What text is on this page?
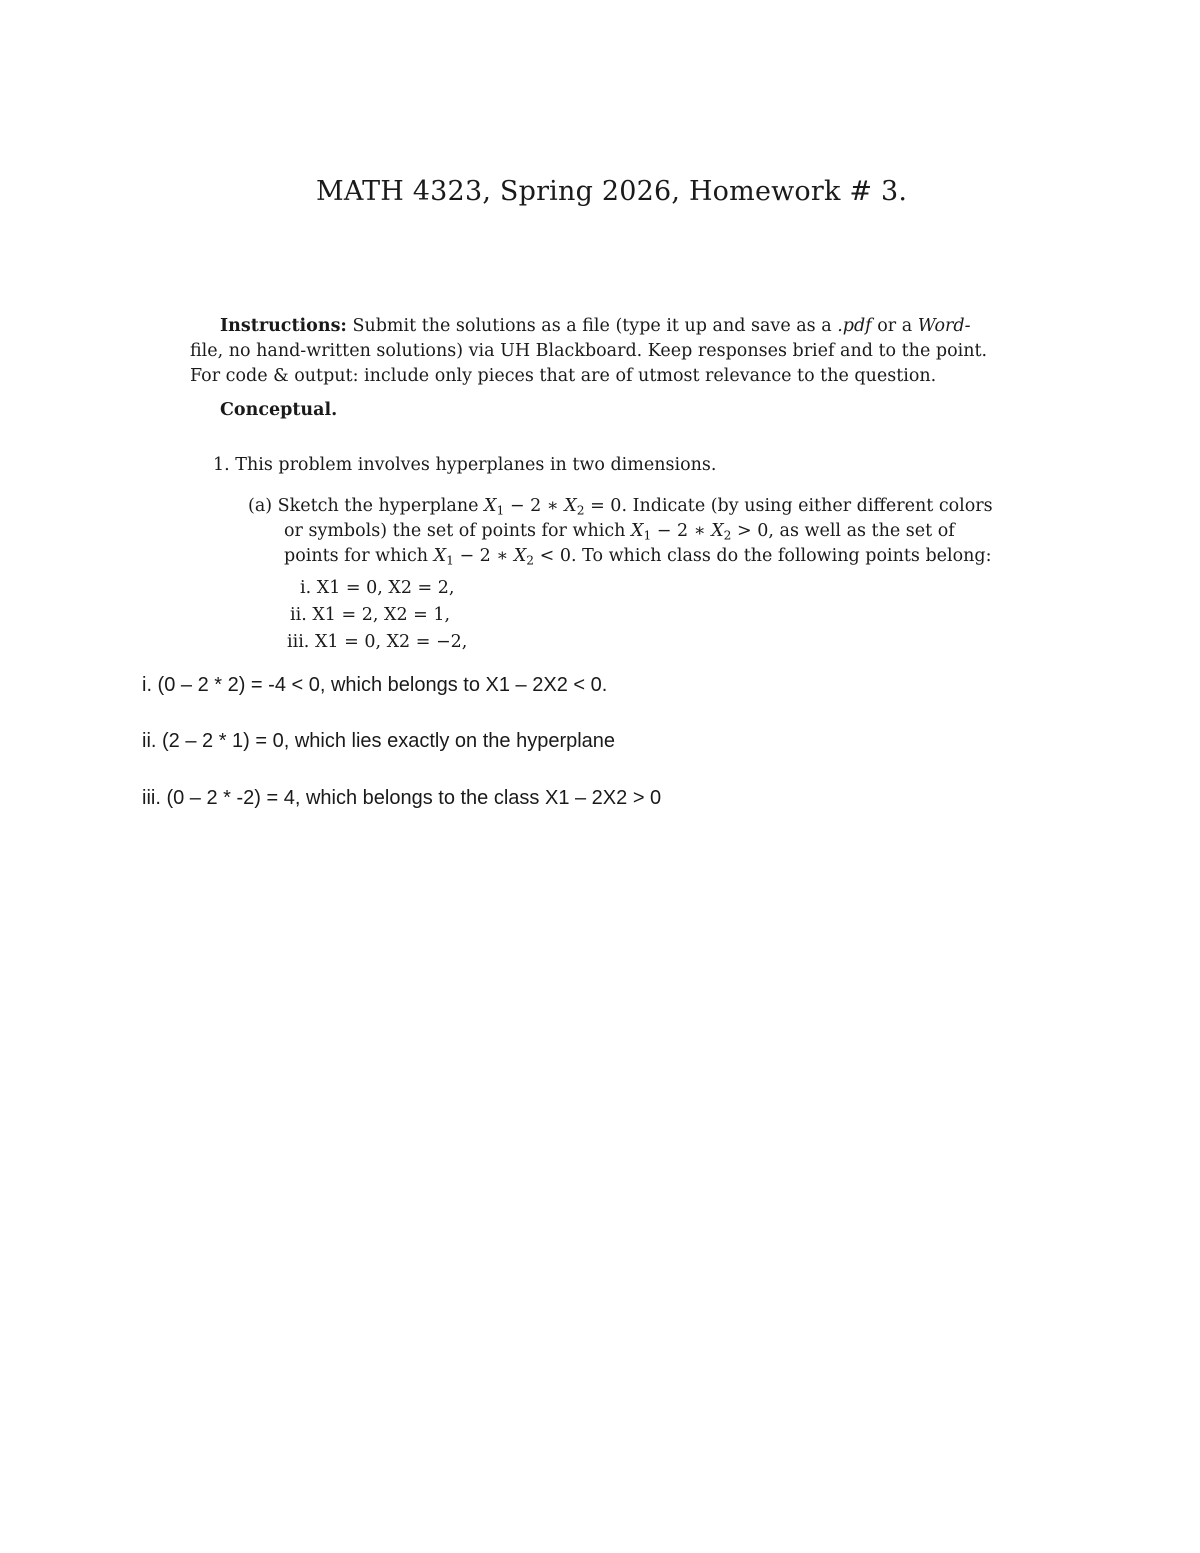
MATH 4323, Spring 2026, Homework # 3.
Instructions: Submit the solutions as a file (type it up and save as a .pdf or a Word-
file, no hand-written solutions) via UH Blackboard. Keep responses brief and to the point.
For code & output: include only pieces that are of utmost relevance to the question.
Conceptual.
1. This problem involves hyperplanes in two dimensions.
(a) Sketch the hyperplane $X_1 - 2$ ∗ $X_2 = 0$. Indicate (by using either different colors
or symbols) the set of points for which $X_1 - 2$ ∗ $X_2 > 0$, as well as the set of
points for which $X_1 - 2$ ∗ $X_2 < 0$. To which class do the following points belong:
i. X1 = 0, X2 = 2,
ii. X1 = 2, X2 = 1,
iii. X1 = 0, X2 = −2,
i. (0 – 2 * 2) = -4 < 0, which belongs to X1 – 2X2 < 0.
ii. (2 – 2 * 1) = 0, which lies exactly on the hyperplane
iii. (0 – 2 * -2) = 4, which belongs to the class X1 – 2X2 > 0
